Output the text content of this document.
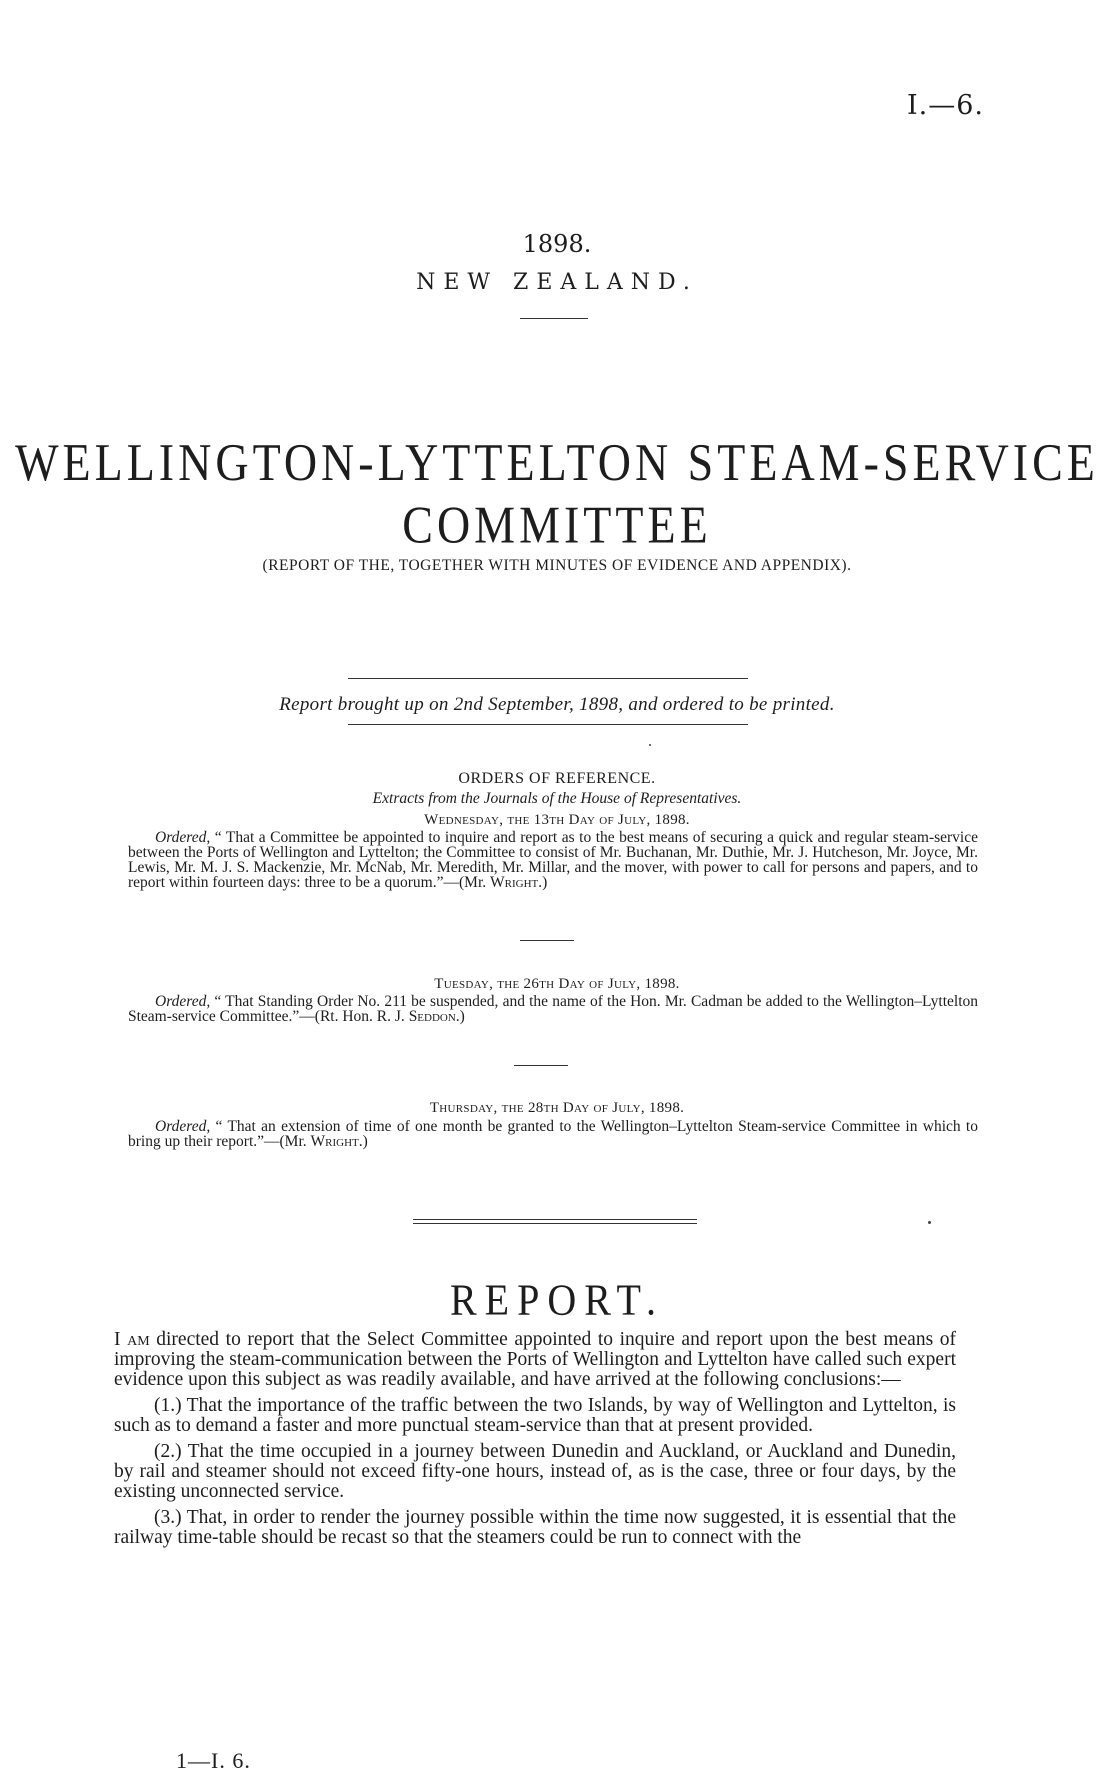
I.—6.
1898.
NEW ZEALAND.
WELLINGTON-LYTTELTON STEAM-SERVICE
COMMITTEE
(REPORT OF THE, TOGETHER WITH MINUTES OF EVIDENCE AND APPENDIX).
Report brought up on 2nd September, 1898, and ordered to be printed.
ORDERS OF REFERENCE.
Extracts from the Journals of the House of Representatives.
Wednesday, the 13th Day of July, 1898.

Ordered, “ That a Committee be appointed to inquire and report as to the best means of securing a quick and regular steam-service between the Ports of Wellington and Lyttelton; the Committee to consist of Mr. Buchanan, Mr. Duthie, Mr. J. Hutcheson, Mr. Joyce, Mr. Lewis, Mr. M. J. S. Mackenzie, Mr. McNab, Mr. Meredith, Mr. Millar, and the mover, with power to call for persons and papers, and to report within fourteen days: three to be a quorum.”—(Mr. Wright.)

Tuesday, the 26th Day of July, 1898.

Ordered, “ That Standing Order No. 211 be suspended, and the name of the Hon. Mr. Cadman be added to the Wellington–Lyttelton Steam-service Committee.”—(Rt. Hon. R. J. Seddon.)

Thursday, the 28th Day of July, 1898.

Ordered, “ That an extension of time of one month be granted to the Wellington–Lyttelton Steam-service Committee in which to bring up their report.”—(Mr. Wright.)

REPORT.

I am directed to report that the Select Committee appointed to inquire and report upon the best means of improving the steam-communication between the Ports of Wellington and Lyttelton have called such expert evidence upon this subject as was readily available, and have arrived at the following conclusions:—

(1.) That the importance of the traffic between the two Islands, by way of Wellington and Lyttelton, is such as to demand a faster and more punctual steam-service than that at present provided.

(2.) That the time occupied in a journey between Dunedin and Auckland, or Auckland and Dunedin, by rail and steamer should not exceed fifty-one hours, instead of, as is the case, three or four days, by the existing unconnected service.

(3.) That, in order to render the journey possible within the time now suggested, it is essential that the railway time-table should be recast so that the steamers could be run to connect with the

1—I. 6.
